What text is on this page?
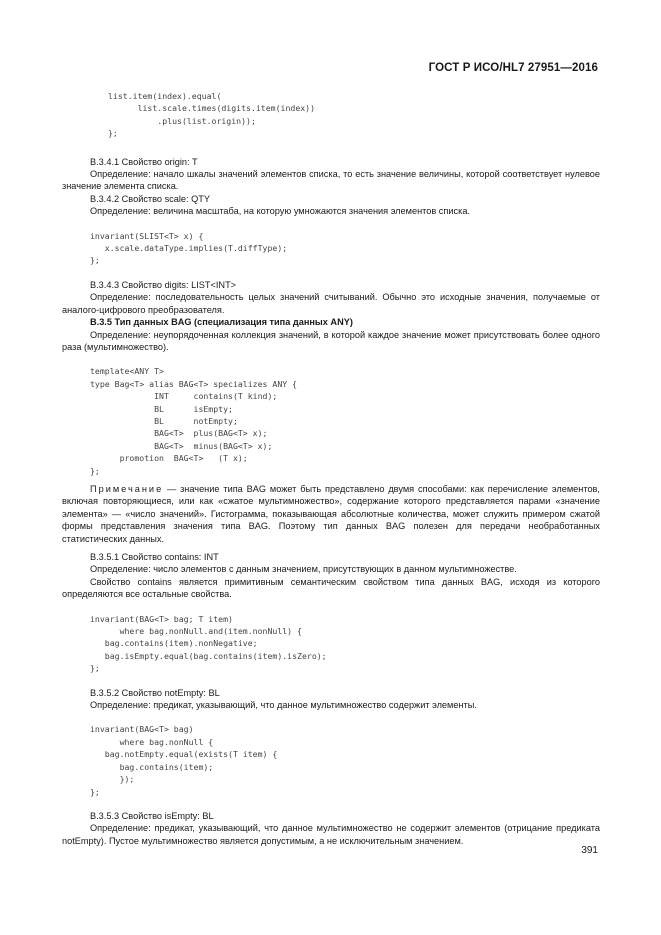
ГОСТ Р ИСО/HL7 27951—2016
list.item(index).equal(
list.scale.times(digits.item(index))
.plus(list.origin));
};

B.3.4.1 Свойство origin: T

Определение: начало шкалы значений элементов списка, то есть значение величины, которой соответствует нулевое значение элемента списка.

B.3.4.2 Свойство scale: QTY

Определение: величина масштаба, на которую умножаются значения элементов списка.

invariant(SLIST<T> x) {
x.scale.dataType.implies(T.diffType);
};

B.3.4.3 Свойство digits: LIST<INT>

Определение: последовательность целых значений считываний. Обычно это исходные значения, получаемые от аналого-цифрового преобразователя.

B.3.5 Тип данных BAG (специализация типа данных ANY)

Определение: неупорядоченная коллекция значений, в которой каждое значение может присутствовать более одного раза (мультимножество).

template<ANY T>
type Bag<T> alias BAG<T> specializes ANY {
INT     contains(T kind);
BL      isEmpty;
BL      notEmpty;
BAG<T>  plus(BAG<T> x);
BAG<T>  minus(BAG<T> x);
promotion  BAG<T>   (T x);
};

Примечание — значение типа BAG может быть представлено двумя способами: как перечисление элементов, включая повторяющиеся, или как «сжатое мультимножество», содержание которого представляется парами «значение элемента» — «число значений». Гистограмма, показывающая абсолютные количества, может служить примером сжатой формы представления значения типа BAG. Поэтому тип данных BAG полезен для передачи необработанных статистических данных.

B.3.5.1 Свойство contains: INT

Определение: число элементов с данным значением, присутствующих в данном мультимножестве.

Свойство contains является примитивным семантическим свойством типа данных BAG, исходя из которого определяются все остальные свойства.

invariant(BAG<T> bag; T item)
where bag.nonNull.and(item.nonNull) {
bag.contains(item).nonNegative;
bag.isEmpty.equal(bag.contains(item).isZero);
};

B.3.5.2 Свойство notEmpty: BL

Определение: предикат, указывающий, что данное мультимножество содержит элементы.

invariant(BAG<T> bag)
where bag.nonNull {
bag.notEmpty.equal(exists(T item) {
bag.contains(item);
});
};

B.3.5.3 Свойство isEmpty: BL

Определение: предикат, указывающий, что данное мультимножество не содержит элементов (отрицание предиката notEmpty). Пустое мультимножество является допустимым, а не исключительным значением.

391
